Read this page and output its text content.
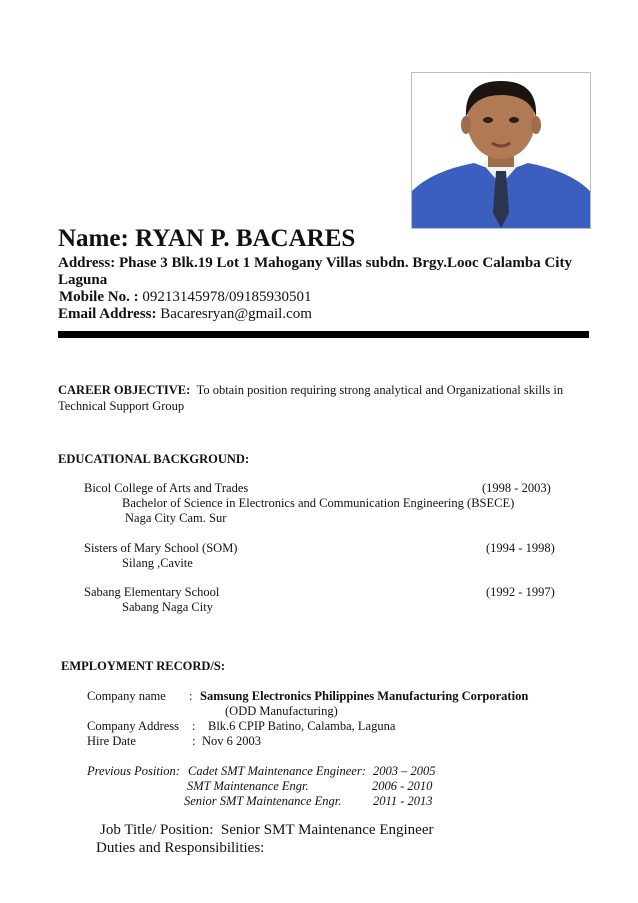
Name: RYAN P. BACARES
Address: Phase 3 Blk.19 Lot 1 Mahogany Villas subdn. Brgy.Looc Calamba City Laguna
Mobile No. : 09213145978/09185930501
Email Address: Bacaresryan@gmail.com
CAREER OBJECTIVE: To obtain position requiring strong analytical and Organizational skills in Technical Support Group
EDUCATIONAL BACKGROUND:
Bicol College of Arts and Trades	(1998 - 2003)
Bachelor of Science in Electronics and Communication Engineering (BSECE)
Naga City Cam. Sur
Sisters of Mary School (SOM)	(1994 - 1998)
Silang ,Cavite
Sabang Elementary School	(1992 - 1997)
Sabang Naga City
EMPLOYMENT RECORD/S:
Company name : Samsung Electronics Philippines Manufacturing Corporation
(ODD Manufacturing)
Company Address : Blk.6 CPIP Batino, Calamba, Laguna
Hire Date	: Nov 6 2003
Previous Position: Cadet SMT Maintenance Engineer: 2003 – 2005
SMT Maintenance Engr.	2006 - 2010
Senior SMT Maintenance Engr.	2011 - 2013
Job Title/ Position: Senior SMT Maintenance Engineer
Duties and Responsibilities:
